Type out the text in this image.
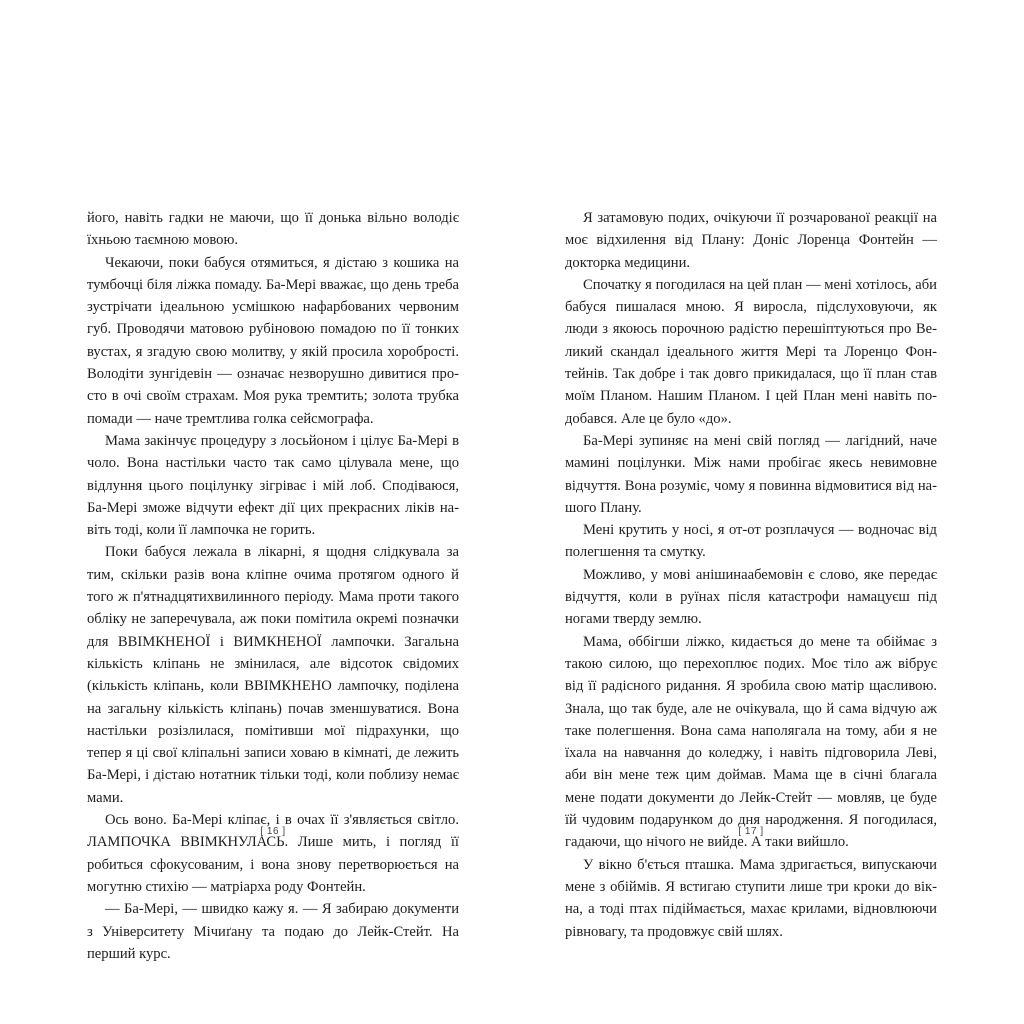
його, навіть гадки не маючи, що її донька вільно володіє їхньою таємною мовою.

Чекаючи, поки бабуся отямиться, я дістаю з кошика на тумбочці біля ліжка помаду. Ба-Мері вважає, що день треба зустрічати ідеальною усмішкою нафарбованих червоним губ. Проводячи матовою рубіновою помадою по її тонких вустах, я згадую свою молитву, у якій просила хоробрості. Володіти зунгідевін — означає незворушно дивитися просто в очі своїм страхам. Моя рука тремтить; золота трубка помади — наче тремтлива голка сейсмографа.

Мама закінчує процедуру з лосьйоном і цілує Ба-Мері в чоло. Вона настільки часто так само цілувала мене, що відлуння цього поцілунку зігріває і мій лоб. Сподіваюся, Ба-Мері зможе відчути ефект дії цих прекрасних ліків навіть тоді, коли її лампочка не горить.

Поки бабуся лежала в лікарні, я щодня слідкувала за тим, скільки разів вона кліпне очима протягом одного й того ж п'ятнадцятихвилинного періоду. Мама проти такого обліку не заперечувала, аж поки помітила окремі позначки для ВВІМКНЕНОЇ і ВИМКНЕНОЇ лампочки. Загальна кількість кліпань не змінилася, але відсоток свідомих (кількість кліпань, коли ВВІМКНЕНО лампочку, поділена на загальну кількість кліпань) почав зменшуватися. Вона настільки розізлилася, помітивши мої підрахунки, що тепер я ці свої кліпальні записи ховаю в кімнаті, де лежить Ба-Мері, і дістаю нотатник тільки тоді, коли поблизу немає мами.

Ось воно. Ба-Мері кліпає, і в очах її з'являється світло. ЛАМПОЧКА ВВІМКНУЛАСЬ. Лише мить, і погляд її робиться сфокусованим, і вона знову перетворюється на могутню стихію — матріарха роду Фонтейн.

— Ба-Мері, — швидко кажу я. — Я забираю документи з Університету Мічиґану та подаю до Лейк-Стейт. На перший курс.

[ 16 ]

Я затамовую подих, очікуючи її розчарованої реакції на моє відхилення від Плану: Доніс Лоренца Фонтейн — докторка медицини.

Спочатку я погодилася на цей план — мені хотілось, аби бабуся пишалася мною. Я виросла, підслуховуючи, як люди з якоюсь порочною радістю перешіптуються про Великий скандал ідеального життя Мері та Лоренцо Фонтейнів. Так добре і так довго прикидалася, що її план став моїм Планом. Нашим Планом. І цей План мені навіть подобався. Але це було «до».

Ба-Мері зупиняє на мені свій погляд — лагідний, наче мамині поцілунки. Між нами пробігає якесь невимовне відчуття. Вона розуміє, чому я повинна відмовитися від нашого Плану.

Мені крутить у носі, я от-от розплачуся — водночас від полегшення та смутку.

Можливо, у мові анішинаабемовін є слово, яке передає відчуття, коли в руїнах після катастрофи намацуєш під ногами тверду землю.

Мама, оббігши ліжко, кидається до мене та обіймає з такою силою, що перехоплює подих. Моє тіло аж вібрує від її радісного ридання. Я зробила свою матір щасливою. Знала, що так буде, але не очікувала, що й сама відчую аж таке полегшення. Вона сама наполягала на тому, аби я не їхала на навчання до коледжу, і навіть підговорила Леві, аби він мене теж цим доймав. Мама ще в січні благала мене подати документи до Лейк-Стейт — мовляв, це буде їй чудовим подарунком до дня народження. Я погодилася, гадаючи, що нічого не вийде. А таки вийшло.

У вікно б'ється пташка. Мама здригається, випускаючи мене з обіймів. Я встигаю ступити лише три кроки до вікна, а тоді птах підіймається, махає крилами, відновлюючи рівновагу, та продовжує свій шлях.

[ 17 ]
